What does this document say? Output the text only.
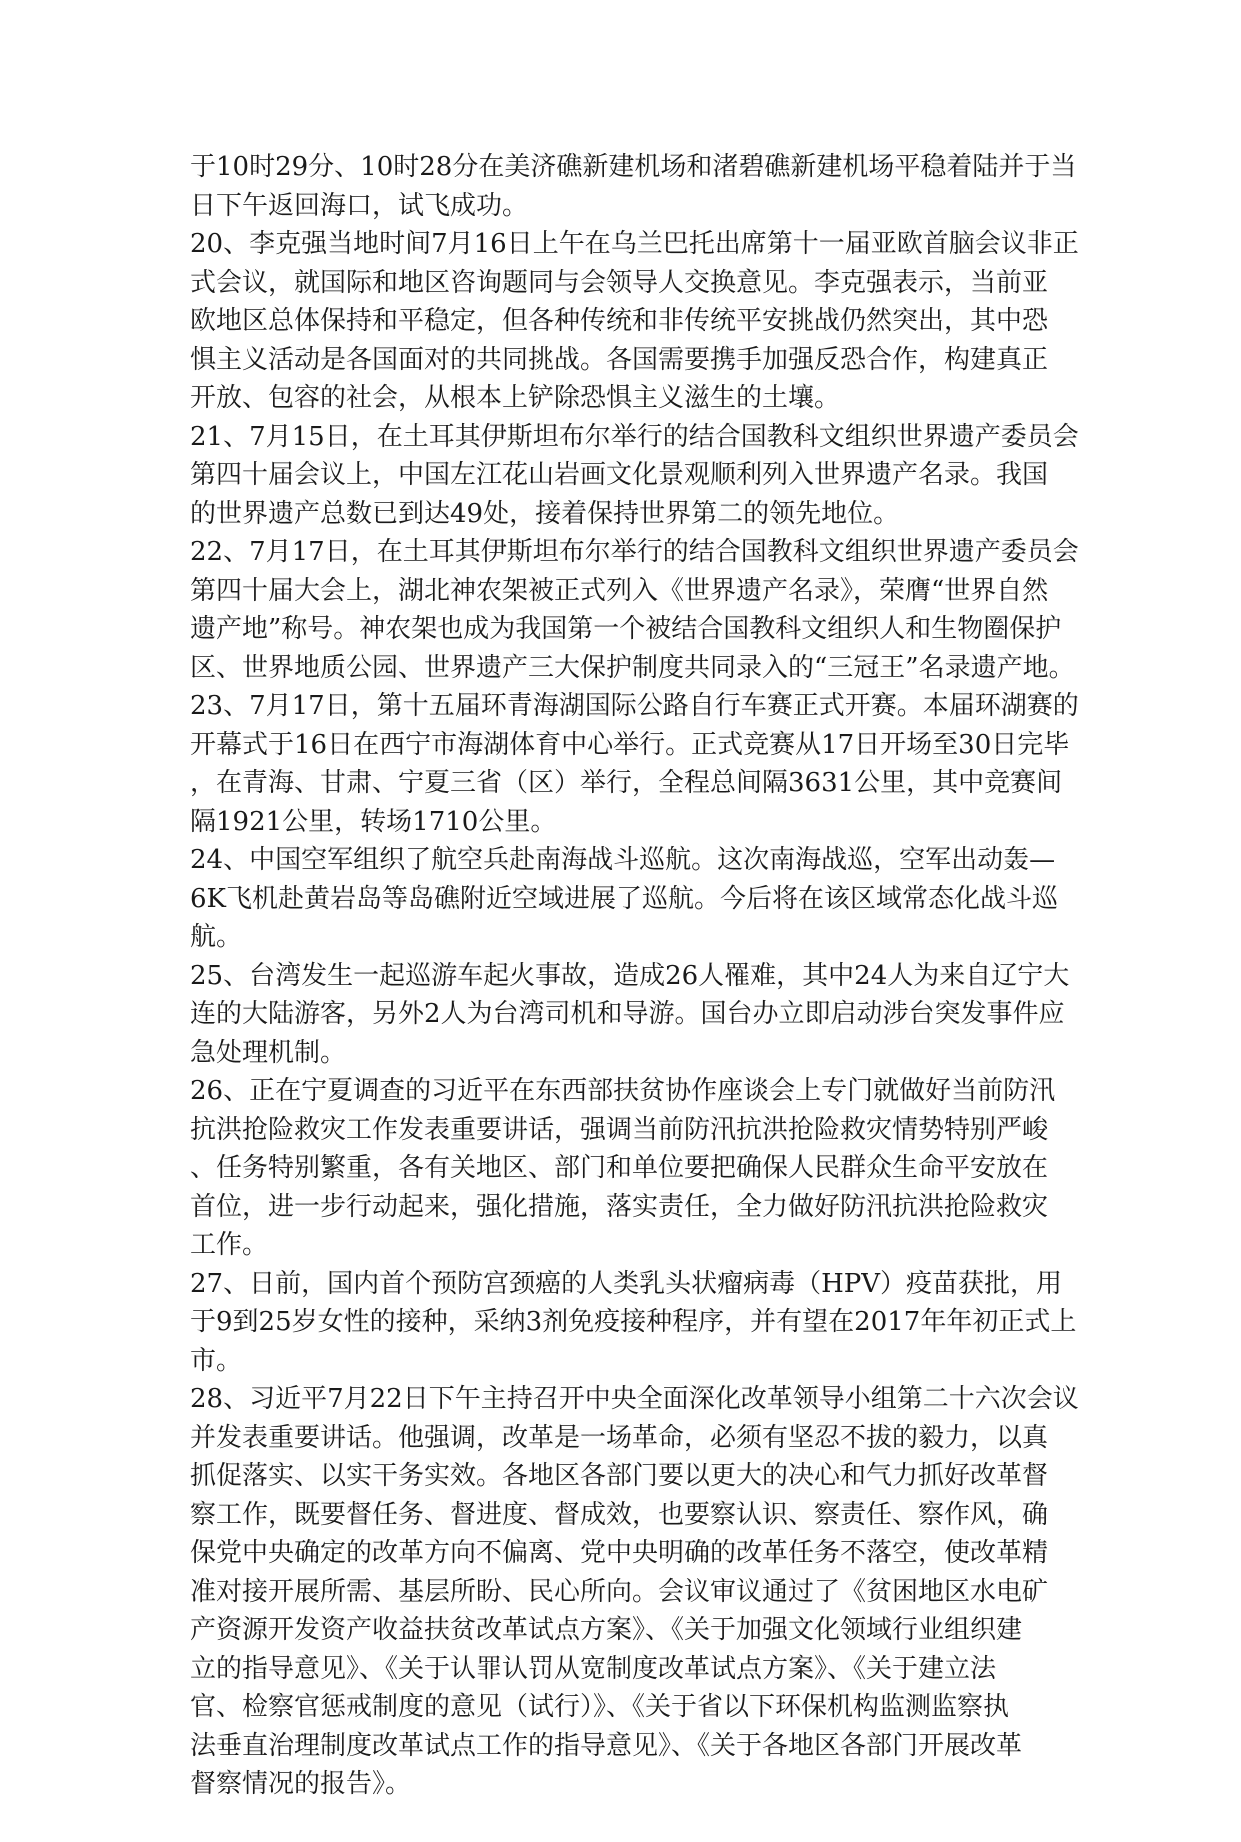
于10时29分、10时28分在美济礁新建机场和渚碧礁新建机场平稳着陆并于当
日下午返回海口，试飞成功。
20、李克强当地时间7月16日上午在乌兰巴托出席第十一届亚欧首脑会议非正
式会议，就国际和地区咨询题同与会领导人交换意见。李克强表示，当前亚
欧地区总体保持和平稳定，但各种传统和非传统平安挑战仍然突出，其中恐
惧主义活动是各国面对的共同挑战。各国需要携手加强反恐合作，构建真正
开放、包容的社会，从根本上铲除恐惧主义滋生的土壤。
21、7月15日，在土耳其伊斯坦布尔举行的结合国教科文组织世界遗产委员会
第四十届会议上，中国左江花山岩画文化景观顺利列入世界遗产名录。我国
的世界遗产总数已到达49处，接着保持世界第二的领先地位。
22、7月17日，在土耳其伊斯坦布尔举行的结合国教科文组织世界遗产委员会
第四十届大会上，湖北神农架被正式列入《世界遗产名录》，荣膺“世界自然
遗产地”称号。神农架也成为我国第一个被结合国教科文组织人和生物圈保护
区、世界地质公园、世界遗产三大保护制度共同录入的“三冠王”名录遗产地。
23、7月17日，第十五届环青海湖国际公路自行车赛正式开赛。本届环湖赛的
开幕式于16日在西宁市海湖体育中心举行。正式竞赛从17日开场至30日完毕
，在青海、甘肃、宁夏三省（区）举行，全程总间隔3631公里，其中竞赛间
隔1921公里，转场1710公里。
24、中国空军组织了航空兵赴南海战斗巡航。这次南海战巡，空军出动轰—
6K飞机赴黄岩岛等岛礁附近空域进展了巡航。今后将在该区域常态化战斗巡
航。
25、台湾发生一起巡游车起火事故，造成26人罹难，其中24人为来自辽宁大
连的大陆游客，另外2人为台湾司机和导游。国台办立即启动涉台突发事件应
急处理机制。
26、正在宁夏调查的习近平在东西部扶贫协作座谈会上专门就做好当前防汛
抗洪抢险救灾工作发表重要讲话，强调当前防汛抗洪抢险救灾情势特别严峻
、任务特别繁重，各有关地区、部门和单位要把确保人民群众生命平安放在
首位，进一步行动起来，强化措施，落实责任，全力做好防汛抗洪抢险救灾
工作。
27、日前，国内首个预防宫颈癌的人类乳头状瘤病毒（HPV）疫苗获批，用
于9到25岁女性的接种，采纳3剂免疫接种程序，并有望在2017年年初正式上
市。
28、习近平7月22日下午主持召开中央全面深化改革领导小组第二十六次会议
并发表重要讲话。他强调，改革是一场革命，必须有坚忍不拔的毅力，以真
抓促落实、以实干务实效。各地区各部门要以更大的决心和气力抓好改革督
察工作，既要督任务、督进度、督成效，也要察认识、察责任、察作风，确
保党中央确定的改革方向不偏离、党中央明确的改革任务不落空，使改革精
准对接开展所需、基层所盼、民心所向。会议审议通过了《贫困地区水电矿
产资源开发资产收益扶贫改革试点方案》、《关于加强文化领域行业组织建
立的指导意见》、《关于认罪认罚从宽制度改革试点方案》、《关于建立法
官、检察官惩戒制度的意见（试行）》、《关于省以下环保机构监测监察执
法垂直治理制度改革试点工作的指导意见》、《关于各地区各部门开展改革
督察情况的报告》。
